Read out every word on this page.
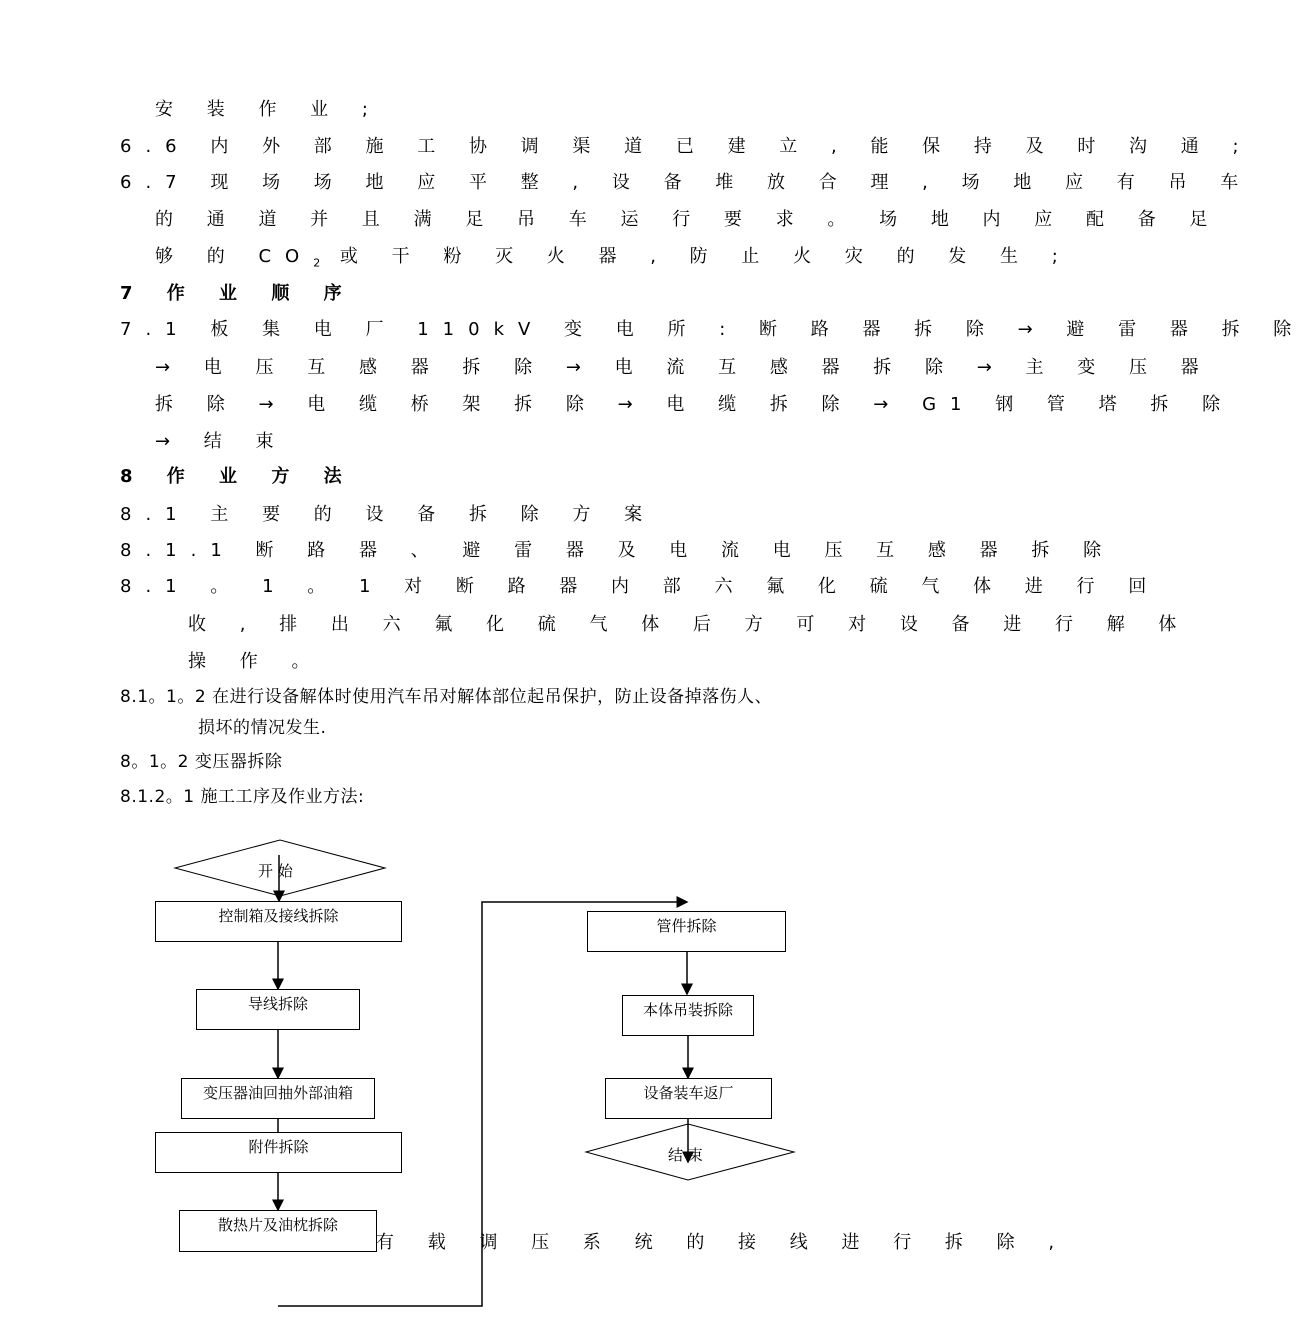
安 装 作 业 ;
6.6 内 外 部 施 工 协 调 渠 道 已 建 立 , 能 保 持 及 时 沟 通 ;
6.7 现 场 场 地 应 平 整 , 设 备 堆 放 合 理 , 场 地 应 有 吊 车
的 通 道 并 且 满 足 吊 车 运 行 要 求 。 场 地 内 应 配 备 足
够 的 $CO_2$ 或 干 粉 灭 火 器 , 防 止 火 灾 的 发 生 ;
7 作 业 顺 序
7.1 板 集 电 厂 110kV 变 电 所 : 断 路 器 拆 除 → 避 雷 器 拆 除
→ 电 压 互 感 器 拆 除 → 电 流 互 感 器 拆 除 → 主 变 压 器
拆 除 → 电 缆 桥 架 拆 除 → 电 缆 拆 除 → G1 钢 管 塔 拆 除
→ 结 束
8 作 业 方 法
8.1 主 要 的 设 备 拆 除 方 案
8.1.1 断 路 器 、 避 雷 器 及 电 流 电 压 互 感 器 拆 除
8.1 。 1 。 1 对 断 路 器 内 部 六 氟 化 硫 气 体 进 行 回
收 , 排 出 六 氟 化 硫 气 体 后 方 可 对 设 备 进 行 解 体
操 作 。
8.1。1。2 在进行设备解体时使用汽车吊对解体部位起吊保护，防止设备掉落伤人、
损坏的情况发生.
8。1。2 变压器拆除
8.1.2。1 施工工序及作业方法:
开 始
结 束
控制箱及接线拆除
导线拆除
变压器油回抽外部油箱
附件拆除
散热片及油枕拆除
管件拆除
本体吊装拆除
设备装车返厂
有 载 调 压 系 统 的 接 线 进 行 拆 除 ,
